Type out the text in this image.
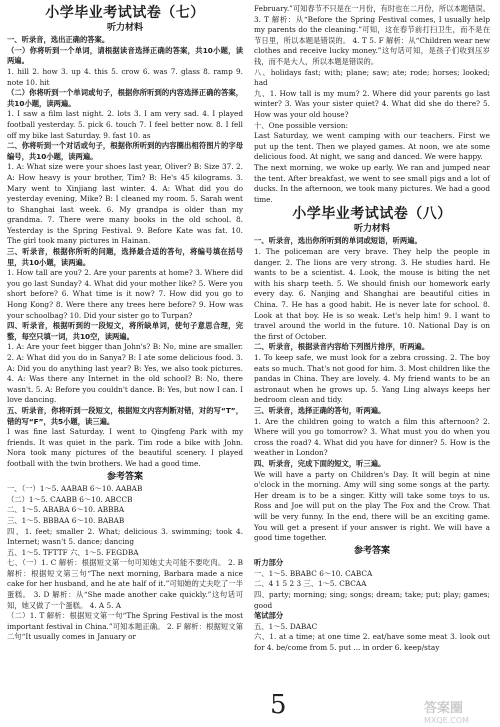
小学毕业考试试卷（七）
听力材料

一、听录音，选出正确的答案。

（一）你将听到一个单词，请根据读音选择正确的答案，共10小题，读两遍。

1. hill 2. how 3. up 4. this 5. crow 6. was 7. glass 8. ramp 9. note 10. hit

（二）你将听到一个单词或句子，根据你所听到的内容选择正确的答案，共10小题，读两遍。

1. I saw a film last night. 2. lots 3. I am very sad. 4. I played football yesterday. 5. pick 6. touch 7. I feel better now. 8. I fell off my bike last Saturday. 9. fast 10. as

二、你将听到一个对话或句子，根据你所听到的内容圈出相符图片的字母编号，共10小题，读两遍。

1. A: What size were your shoes last year, Oliver? B: Size 37. 2. A: How heavy is your brother, Tim? B: He's 45 kilograms. 3. Mary went to Xinjiang last winter. 4. A: What did you do yesterday evening, Mike? B: I cleaned my room. 5. Sarah went to Shanghai last week. 6. My grandpa is older than my grandma. 7. There were many books in the old school. 8. Yesterday is the Spring Festival. 9. Before Kate was fat. 10. The girl took many pictures in Hainan.

三、听录音，根据你所听的问题，选择最合适的答句，将编号填在括号里，共10小题，读两遍。

1. How tall are you? 2. Are your parents at home? 3. Where did you go last Sunday? 4. What did your mother like? 5. Were you short before? 6. What time is it now? 7. How did you go to Hong Kong? 8. Were there any trees here before? 9. How was your schoolbag? 10. Did your sister go to Turpan?

四、听录音，根据听到的一段短文，将所缺单词，使句子意思合理，完整，每空只填一词，共10空，读两遍。

1. A: Are your feet bigger than John's? B: No, mine are smaller. 2. A: What did you do in Sanya? B: I ate some delicious food. 3. A: Did you do anything last year? B: Yes, we also took pictures. 4. A: Was there any Internet in the old school? B: No, there wasn't. 5. A: Before you couldn't dance. B: Yes, but now I can. I love dancing.

五、听录音，你将听到一段短文，根据短文内容判断对错，对的写“T”，错的写“F”，共5小题，读三遍。

I was fine last Saturday. I went to Qingfeng Park with my friends. It was quiet in the park. Tim rode a bike with John. Nora took many pictures of the beautiful scenery. I played football with the twin brothers. We had a good time.

参考答案

一、（一）1～5. AABAB 6～10. AABAB

（二）1～5. CAABB 6～10. ABCCB

二、1～5. ABABA 6～10. ABBBA

三、1～5. BBBAA 6～10. BABAB

四、1. feet; smaller 2. What; delicious 3. swimming; took 4. Internet; wasn't 5. dance; dancing

五、1～5. TFTTF 六、1～5. FEGDBA

七、（一）1. C 解析：根据短文第一句可知她丈夫可能不要吃肉。 2. B 解析：根据短文第三句“The next morning, Barbara made a nice cake for her husband, and he ate half of it.”可知她的丈夫吃了一半蛋糕。 3. D 解析：从“She made another cake quickly.”这句话可知，她又做了一个蛋糕。 4. A 5. A

（二）1. T 解析：根据短文第一句“The Spring Festival is the most important festival in China.”可知本题正确。 2. F 解析：根据短文第二句“It usually comes in January or

February.”可知春节不只是在一月份，有时也在二月份，所以本题错误。 3. T 解析：从“Before the Spring Festival comes, I usually help my parents do the cleaning.”可知，这在春节前打扫卫生，而不是在节日里，所以本题是错误的。 4. T 5. F 解析：从“Children wear new clothes and receive lucky money.”这句话可知，是孩子们收到压岁钱，而不是大人，所以本题是错误的。

八、holidays fast; with; plane; saw; ate; rode; horses; looked; had

九、1. How tall is my mum? 2. Where did your parents go last winter? 3. Was your sister quiet? 4. What did she do there? 5. How was your old house?

十、One possible version:

Last Saturday, we went camping with our teachers. First we put up the tent. Then we played games. At noon, we ate some delicious food. At night, we sang and danced. We were happy.

The next morning, we woke up early. We ran and jumped near the tent. After breakfast, we went to see small pigs and a lot of ducks. In the afternoon, we took many pictures. We had a good time.

小学毕业考试试卷（八）
听力材料

一、听录音，选出你所听到的单词或短语，听两遍。

1. The policeman are very brave. They help the people in danger. 2. The lions are very strong. 3. He studies hard. He wants to be a scientist. 4. Look, the mouse is biting the net with his sharp teeth. 5. We should finish our homework early every day. 6. Nanjing and Shanghai are beautiful cities in China. 7. He has a good habit. He is never late for school. 8. Look at that boy. He is so weak. Let's help him! 9. I want to travel around the world in the future. 10. National Day is on the first of October.

二、听录音，根据录音内容给下列图片排序，听两遍。

1. To keep safe, we must look for a zebra crossing. 2. The boy eats so much. That's not good for him. 3. Most children like the pandas in China. They are lovely. 4. My friend wants to be an astronaut when he grows up. 5. Yang Ling always keeps her bedroom clean and tidy.

三、听录音，选择正确的答句，听两遍。

1. Are the children going to watch a film this afternoon? 2. Where will you go tomorrow? 3. What must you do when you cross the road? 4. What did you have for dinner? 5. How is the weather in London?

四、听录音，完成下面的短文，听三遍。

We will have a party on Children's Day. It will begin at nine o'clock in the morning. Amy will sing some songs at the party. Her dream is to be a singer. Kitty will take some toys to us. Ross and Joe will put on the play The Fox and the Crow. That will be very funny. In the end, there will be an exciting game. You will get a present if your answer is right. We will have a good time together.

参考答案

听力部分

一、1～5. BBABC 6～10. CABCA

二、4 1 5 2 3 三、1～5. CBCAA

四、party; morning; sing; songs; dream; take; put; play; games; good

笔试部分

五、1～5. DABAC

六、1. at a time; at one time 2. eat/have some meat 3. look out for 4. be/come from 5. put ... in order 6. keep/stay

5	答案圈
MXQE.COM
